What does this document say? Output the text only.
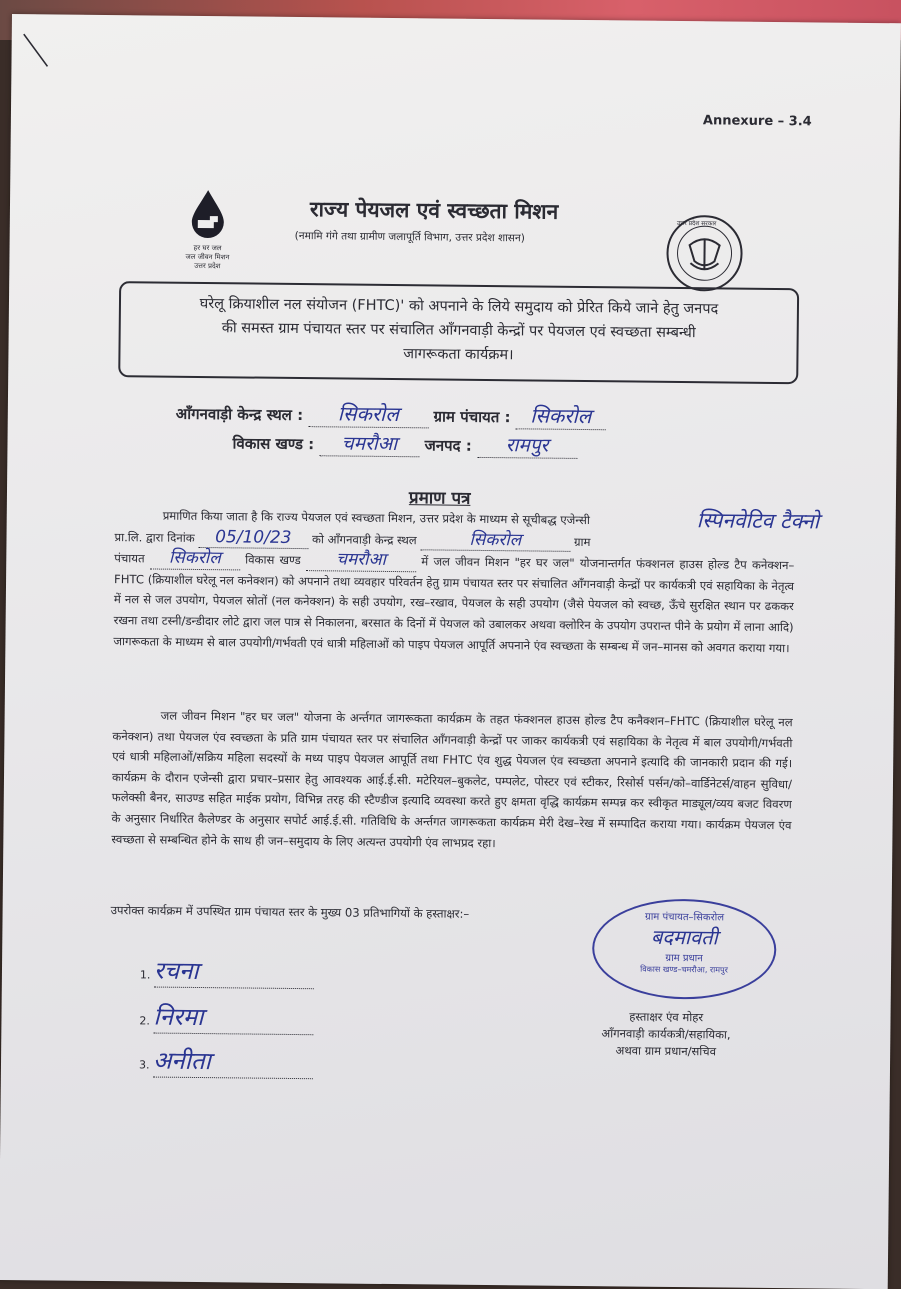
Annexure – 3.4
हर घर जल
जल जीवन मिशन
उत्तर प्रदेश
राज्य पेयजल एवं स्वच्छता मिशन
(नमामि गंगे तथा ग्रामीण जलापूर्ति विभाग, उत्तर प्रदेश शासन)
उत्तर प्रदेश सरकार
घरेलू क्रियाशील नल संयोजन (FHTC)' को अपनाने के लिये समुदाय को प्रेरित किये जाने हेतु जनपद
की समस्त ग्राम पंचायत स्तर पर संचालित आँगनवाड़ी केन्द्रों पर पेयजल एवं स्वच्छता सम्बन्धी
जागरूकता कार्यक्रम।
आँगनवाड़ी केन्द्र स्थल : सिकरोल ग्राम पंचायत : सिकरोल
विकास खण्ड : चमरौआ जनपद : रामपुर
प्रमाण पत्र
स्पिनवेटिव टैक्नो
प्रमाणित किया जाता है कि राज्य पेयजल एवं स्वच्छता मिशन, उत्तर प्रदेश के माध्यम से सूचीबद्ध एजेन्सी
प्रा.लि. द्वारा दिनांक 05/10/23 को आँगनवाड़ी केन्द्र स्थल	सिकरोल	ग्राम
पंचायत सिकरोल विकास खण्ड चमरौआ	में जल जीवन मिशन "हर घर जल" योजनान्तर्गत फंक्शनल हाउस होल्ड टैप कनेक्शन–FHTC (क्रियाशील घरेलू नल कनेक्शन) को अपनाने तथा व्यवहार परिवर्तन हेतु ग्राम पंचायत स्तर पर संचालित आँगनवाड़ी केन्द्रों पर कार्यकत्री एवं सहायिका के नेतृत्व में नल से जल उपयोग, पेयजल स्रोतों (नल कनेक्शन) के सही उपयोग, रख–रखाव, पेयजल के सही उपयोग (जैसे पेयजल को स्वच्छ, ऊँचे सुरक्षित स्थान पर ढककर रखना तथा टस्नी/डन्डीदार लोटे द्वारा जल पात्र से निकालना, बरसात के दिनों में पेयजल को उबालकर अथवा क्लोरिन के उपयोग उपरान्त पीने के प्रयोग में लाना आदि) जागरूकता के माध्यम से बाल उपयोगी/गर्भवती एवं धात्री महिलाओं को पाइप पेयजल आपूर्ति अपनाने एंव स्वच्छता के सम्बन्ध में जन–मानस को अवगत कराया गया।
जल जीवन मिशन "हर घर जल" योजना के अर्न्तगत जागरूकता कार्यक्रम के तहत फंक्शनल हाउस होल्ड टैप कनैक्शन–FHTC (क्रियाशील घरेलू नल कनेक्शन) तथा पेयजल एंव स्वच्छता के प्रति ग्राम पंचायत स्तर पर संचालित आँगनवाड़ी केन्द्रों पर जाकर कार्यकत्री एवं सहायिका के नेतृत्व में बाल उपयोगी/गर्भवती एवं धात्री महिलाओं/सक्रिय महिला सदस्यों के मध्य पाइप पेयजल आपूर्ति तथा FHTC एंव शुद्ध पेयजल एंव स्वच्छता अपनाने इत्यादि की जानकारी प्रदान की गई। कार्यक्रम के दौरान एजेन्सी द्वारा प्रचार–प्रसार हेतु आवश्यक आई.ई.सी. मटेरियल–बुकलेट, पम्पलेट, पोस्टर एवं स्टीकर, रिसोर्स पर्सन/को–वार्डिनेटर्स/वाहन सुविधा/फलेक्सी बैनर, साउण्ड सहित माईक प्रयोग, विभिन्न तरह की स्टैण्डीज इत्यादि व्यवस्था करते हुए क्षमता वृद्धि कार्यक्रम सम्पन्न कर स्वीकृत माड्यूल/व्यय बजट विवरण के अनुसार निर्धारित कैलेण्डर के अनुसार सपोर्ट आई.ई.सी. गतिविधि के अर्न्तगत जागरूकता कार्यक्रम मेरी देख–रेख में सम्पादित कराया गया। कार्यक्रम पेयजल एंव स्वच्छता से सम्बन्धित होने के साथ ही जन–समुदाय के लिए अत्यन्त उपयोगी एंव लाभप्रद रहा।
उपरोक्त कार्यक्रम में उपस्थित ग्राम पंचायत स्तर के मुख्य 03 प्रतिभागियों के हस्ताक्षर:–
1. रचना
2. निरमा
3. अनीता
ग्राम पंचायत–सिकरोल
बदमावती
ग्राम प्रधान
विकास खण्ड–चमरौआ, रामपुर
हस्ताक्षर एंव मोहर
आँगनवाड़ी कार्यकत्री/सहायिका,
अथवा ग्राम प्रधान/सचिव
